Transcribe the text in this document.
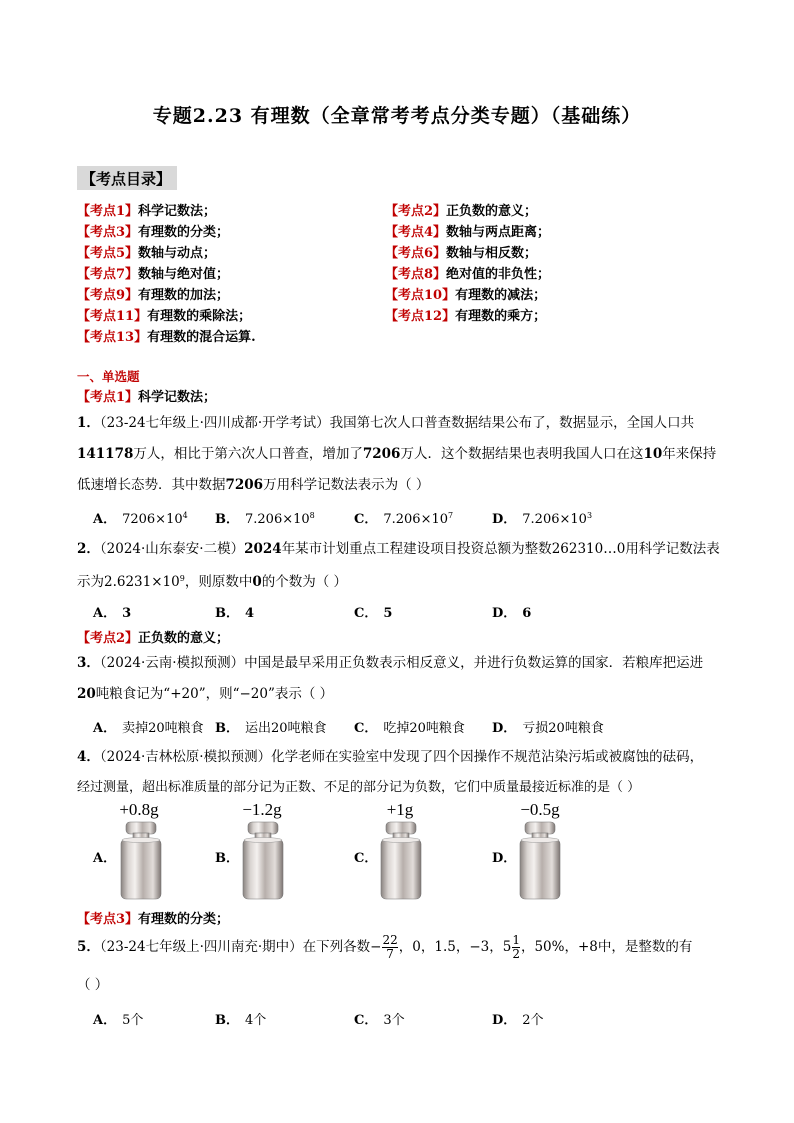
专题2.23 有理数（全章常考考点分类专题）（基础练）
【考点目录】
【考点1】科学记数法；	【考点2】正负数的意义；
【考点3】有理数的分类；	【考点4】数轴与两点距离；
【考点5】数轴与动点；	【考点6】数轴与相反数；
【考点7】数轴与绝对值；	【考点8】绝对值的非负性；
【考点9】有理数的加法；	【考点10】有理数的减法；
【考点11】有理数的乘除法；	【考点12】有理数的乘方；
【考点13】有理数的混合运算.
一、单选题
【考点1】科学记数法；
1．（23-24七年级上·四川成都·开学考试）我国第七次人口普查数据结果公布了，数据显示，全国人口共
141178万人，相比于第六次人口普查，增加了7206万人．这个数据结果也表明我国人口在这10年来保持
低速增长态势．其中数据7206万用科学记数法表示为（ ）
A． $7206\times 10^4$ B． $7.206\times 10^8$	C． $7.206\times 10^7$	D． $7.206\times 10^3$
2．（2024·山东泰安·二模）2024年某市计划重点工程建设项目投资总额为整数262310…0用科学记数法表
示为$2.6231\times 10^9$，则原数中0的个数为（ ）
A． 3	B． 4	C． 5	D． 6
【考点2】正负数的意义；
3．（2024·云南·模拟预测）中国是最早采用正负数表示相反意义，并进行负数运算的国家．若粮库把运进
20吨粮食记为“+20”，则“−20”表示（ ）
A． 卖掉20吨粮食 B． 运出20吨粮食 C． 吃掉20吨粮食 D． 亏损20吨粮食
4．（2024·吉林松原·模拟预测）化学老师在实验室中发现了四个因操作不规范沾染污垢或被腐蚀的砝码，
经过测量，超出标准质量的部分记为正数、不足的部分记为负数，它们中质量最接近标准的是（ ）
+0.8g	−1.2g	+1g	−0.5g
A．	B．	C．	D．
【考点3】有理数的分类；
5．（23-24七年级上·四川南充·期中）在下列各数− $\frac{22}{7}$ ，0，1.5，−3，$5 \frac{1}{2}$ ，50%，+8中，是整数的有
（ ）
A． 5个	B． 4个	C． 3个	D． 2个
